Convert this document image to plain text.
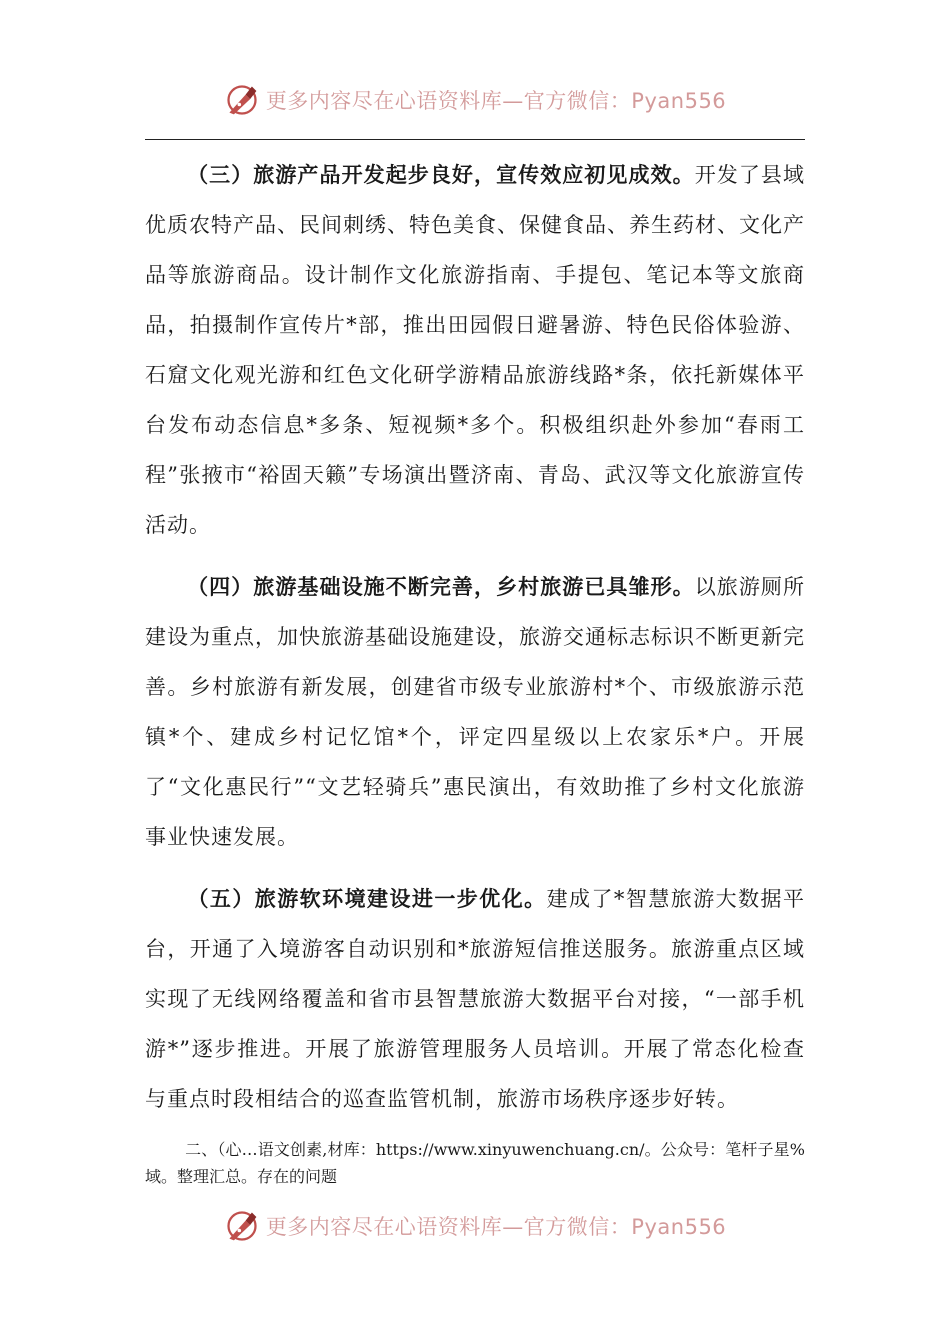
更多内容尽在心语资料库—官方微信：Pyan556

（三）旅游产品开发起步良好，宣传效应初见成效。开发了县域优质农特产品、民间刺绣、特色美食、保健食品、养生药材、文化产品等旅游商品。设计制作文化旅游指南、手提包、笔记本等文旅商品，拍摄制作宣传片*部，推出田园假日避暑游、特色民俗体验游、石窟文化观光游和红色文化研学游精品旅游线路*条，依托新媒体平台发布动态信息*多条、短视频*多个。积极组织赴外参加“春雨工程”张掖市“裕固天籁”专场演出暨济南、青岛、武汉等文化旅游宣传活动。

（四）旅游基础设施不断完善，乡村旅游已具雏形。以旅游厕所建设为重点，加快旅游基础设施建设，旅游交通标志标识不断更新完善。乡村旅游有新发展，创建省市级专业旅游村*个、市级旅游示范镇*个、建成乡村记忆馆*个，评定四星级以上农家乐*户。开展了“文化惠民行”“文艺轻骑兵”惠民演出，有效助推了乡村文化旅游事业快速发展。

（五）旅游软环境建设进一步优化。建成了*智慧旅游大数据平台，开通了入境游客自动识别和*旅游短信推送服务。旅游重点区域实现了无线网络覆盖和省市县智慧旅游大数据平台对接，“一部手机游*”逐步推进。开展了旅游管理服务人员培训。开展了常态化检查与重点时段相结合的巡查监管机制，旅游市场秩序逐步好转。

二、（心…语文创素,材库：https://www.xinyuwenchuang.cn/。公众号：笔杆子星%域。整理汇总。存在的问题

更多内容尽在心语资料库—官方微信：Pyan556
